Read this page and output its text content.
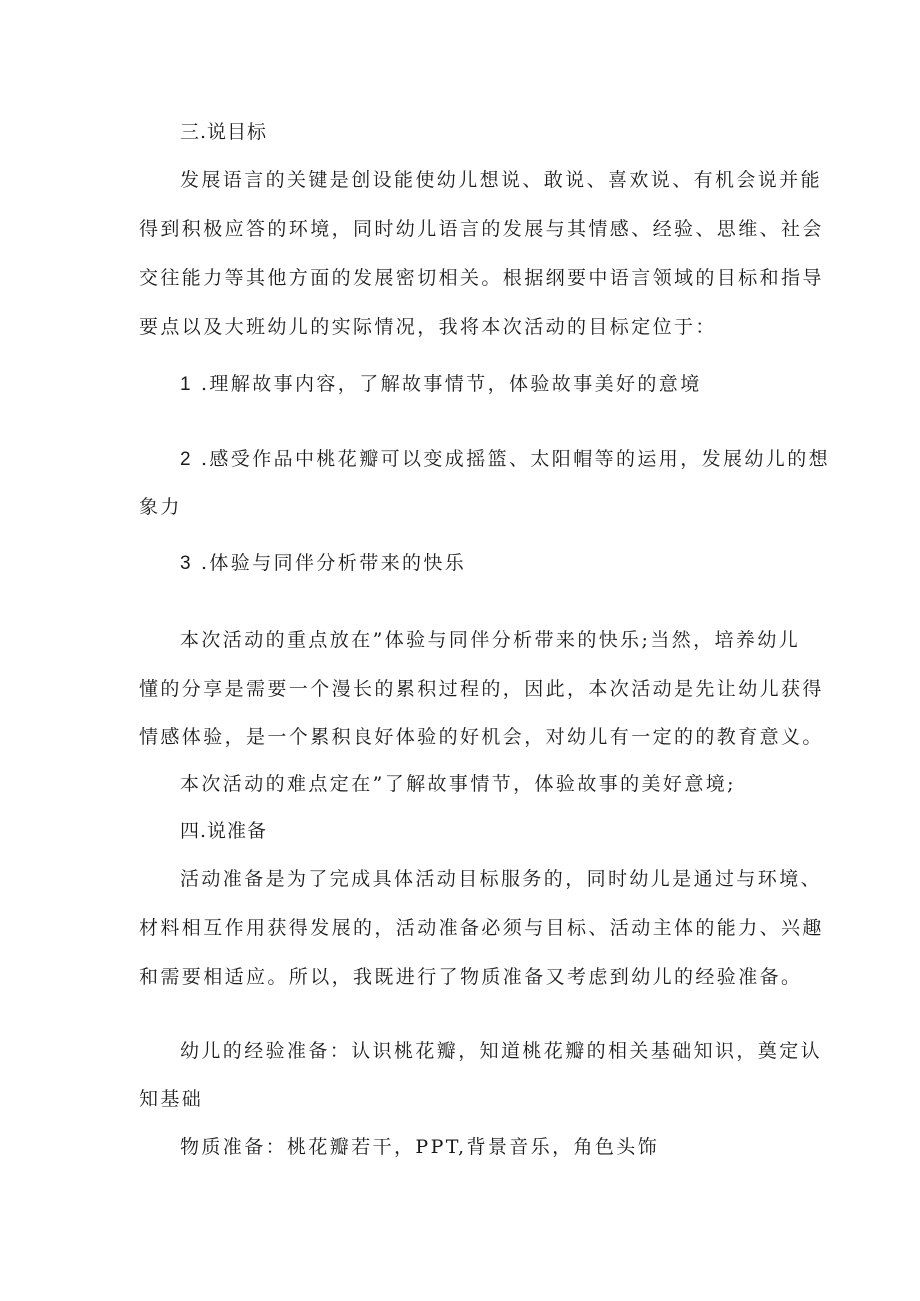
三.说目标
发展语言的关键是创设能使幼儿想说、敢说、喜欢说、有机会说并能
得到积极应答的环境，同时幼儿语言的发展与其情感、经验、思维、社会
交往能力等其他方面的发展密切相关。根据纲要中语言领域的目标和指导
要点以及大班幼儿的实际情况，我将本次活动的目标定位于：
1 .理解故事内容，了解故事情节，体验故事美好的意境
2 .感受作品中桃花瓣可以变成摇篮、太阳帽等的运用，发展幼儿的想
象力
3 .体验与同伴分析带来的快乐
本次活动的重点放在”体验与同伴分析带来的快乐;当然，培养幼儿
懂的分享是需要一个漫长的累积过程的，因此，本次活动是先让幼儿获得
情感体验，是一个累积良好体验的好机会，对幼儿有一定的的教育意义。
本次活动的难点定在”了解故事情节，体验故事的美好意境;
四.说准备
活动准备是为了完成具体活动目标服务的，同时幼儿是通过与环境、
材料相互作用获得发展的，活动准备必须与目标、活动主体的能力、兴趣
和需要相适应。所以，我既进行了物质准备又考虑到幼儿的经验准备。
幼儿的经验准备：认识桃花瓣，知道桃花瓣的相关基础知识，奠定认
知基础
物质准备：桃花瓣若干，PPT,背景音乐，角色头饰
